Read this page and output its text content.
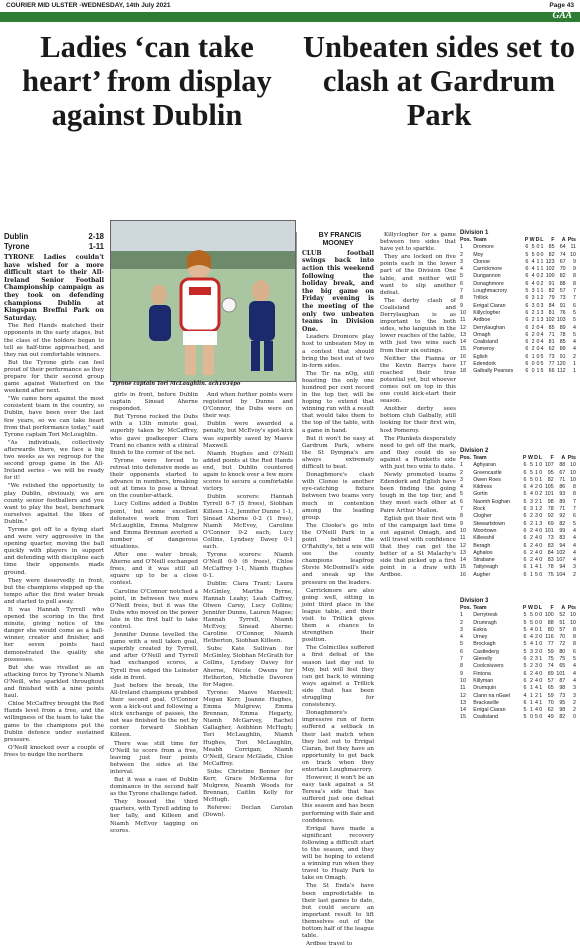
COURIER MID ULSTER -WEDNESDAY, 14th July 2021	Page 43
GAA
Ladies ‘can take heart’ from display against Dublin
Unbeaten sides set to clash at Gardrum Park
Dublin	2-18
Tyrone	1-11

TYRONE Ladies couldn't have wished for a more difficult start to their All-Ireland Senior Football Championship campaign as they took on defending champions Dublin at Kingspan Breffni Park on Saturday.

The Red Hands matched their opponents in the early stages, but the class of the holders began to tell as half-time approached, and they ran out comfortable winners.

But the Tyrone girls can feel proud of their performance as they prepare for their second group game against Waterford on the weekend after next.

"We came here against the most consistent team in the country, so Dublin, have been over the last few years, so we can take heart from that performance today," said Tyrone captain Tori McLoughlin.

"As individuals, collectively afterwards there, we face a big two weeks as we regroup for the second group game in the All-Ireland series - we will be ready for it!

"We relished the opportunity to play Dublin, obviously, we are county senior footballers and you want to play the best, benchmark ourselves against the likes of Dublin."

Tyrone got off to a flying start and were very aggressive in the opening quarter, moving the ball quickly with players in support and defending with discipline each time their opponents made ground.

They were deservedly in front, but the champions stepped up the tempo after the first water break and started to pull away.

It was Hannah Tyrrell who opened the scoring in the first minute, giving notice of the danger she would come as a ball-winner, creator and finisher, and her seven points haul demonstrated the quality she possesses.

But she was rivalled as an attacking force by Tyrone's Niamh O'Neill, who sparkled throughout and finished with a nine points haul.

Chloe McCaffrey brought the Red Hands level from a free, and the willingness of the team to take the game to the champions put the Dublin defence under sustained pressure.

O'Neill knocked over a couple of frees to nudge the northern

Tyrone captain Tori McLaughlin. ach1034po

girls in front, before Dublin captain Sinead Aherne responded.

But Tyrone rocked the Dubs with a 13th minute goal, superbly taken by McCaffrey, who gave goalkeeper Ciara Trant no chance with a clinical finish to the corner of the net.

Tyrone were forced to retreat into defensive mode as their opponents started to advance in numbers, breaking out at times to pose a threat on the counter-attack.

Lucy Collins added a Dublin point, but some excellent defensive work from Tori McLaughlin, Emma Mulgrew and Emma Brennan averted a number of dangerous situations.

After one water break, Aherne and O'Neill exchanged frees, and it was still all square up to be a close contest.

Caroline O'Connor notched a point, in between two more O'Neill frees, but it was the Dubs who moved on the power late in the first half to take control.

Jennifer Dunne levelled the game with a well taken goal, superbly created by Tyrrell, and after O'Neill and Tyrrell had exchanged scores, a Tyrell free edged the Leinster side in front.

Just before the break, the All-Ireland champions grabbed their second goal. O'Connor won a kick-out and following a slick exchange of passes, the net was finished to the net by corner forward Siobhan Killeen.

There was still time for O'Neill to score from a free, leaving just four points between the sides at the interval.

But it was a case of Dublin dominance in the second half as the Tyrone challenge faded.

They bossed the third quarters, with Tyrell adding to her tally, and Killeen and Niamh McEvoy tagging on scores.

And when further points were registered by Dunne and O'Connor, the Dubs were on their way.

Dublin were awarded a penalty, but McEvoy's spot-kick was superbly saved by Maeve Maxwell.

Niamh Hughes and O'Neill added points at the Red Hands end, but Dublin countered again to knock over a few more scores to secure a comfortable victory.

Dublin scorers: Hannah Tyrrell 0-7 (5 frees), Siobhan Killeen 1-2, Jennifer Dunne 1-1, Sinead Aherne 0-2 (1 free), Niamh McEvoy, Caroline O'Connor 0-2 each, Lucy Collins, Lyndsey Davey 0-1 each.

Tyrone scorers: Niamh O'Neill 0-9 (6 frees), Chloe McCaffrey 1-1, Niamh Hughes 0-1.

Dublin: Ciara Trant; Laura McGinley, Martha Byrne, Hannah Leahy; Leah Caffrey, Olwen Carey, Lucy Collins; Jennifer Dunne, Lauren Magee; Hannah Tyrrell, Niamh McEvoy, Sinead Aherne; Caroline O'Connor, Niamh Hetherton, Siobhan Killeen.

Subs: Kate Sullivan for McGinley, Siobhan McGrath for Collins, Lyndsey Davey for Aherne, Nicole Owens for Hetherton, Michelle Davoren for Magee.

Tyrone: Maeve Maxwell; Megan Kerr, Joanne Hughes, Emma Mulgrew; Emma Brennan, Emma Hegarty, Niamh McGarvey, Rachel Gallagher, Aoibhinn McHugh; Tori McLaughlin, Niamh Hughes, Tori McLaughlin, Meabh Corrigan; Niamh O'Neill, Grace McGlade, Chloe McCaffrey.

Subs: Christine Bonner for Kerr, Grace McKenna for Mulgrew, Neamh Woods for Brennan, Caitlin Kelly for McHugh.

Referee: Declan Carolan (Down).

BY FRANCIS MOONEY

CLUB football swings back into action this weekend following the holiday break, and the big game on Friday evening is the meeting of the only two unbeaten teams in Division One.

Leaders Dromore play host to unbeaten Moy in a contest that should bring the best out of two in-form sides.

The Tir na nOg, still boasting the only one hundred per cent record in the top tier, will be hoping to extend that winning run with a result that would take them to the top of the table, with a game in hand.

But it won't be easy at Gardrum Park, where the St Dympna's are always extremely difficult to beat.

Donaghmore's clash with Clonoe is another eye-catching fixture between two teams very much in contention among the leading group.

The Clooke's go into the O'Neill Park in a point behind the O'Rahilly's, bit a win will see the county champions leapfrog Stevie McDonnell's side and sneak up the pressure on the leaders.

Carrickmore are also going well, sitting in joint third place in the league table, and their visit to Trillick gives them a chance to strengthen their position.

The Colmcilles suffered a first defeat of the season last day out to Moy, but will feel they can get back to winning ways against a Trillick side that has been struggling for consistency.

Donaghmore's impressive run of form suffered a setback in their last match when they lost out to Errigal Ciaran, but they have an opportunity to get back on track when they entertain Loughmacrory.

However, it won't be an easy task against a St Teresa's side that has suffered just one defeat this season and has been performing with flair and confidence.

Errigal have made a significant recovery following a difficult start to the season, and they will be hoping to extend a winning run when they travel to Healy Park to take on Omagh.

The St Enda's have been unpredictable in their last games to date, but could secure an important result to lift themselves out of the bottom half of the league table.

Ardboe travel to

Killyclogher for a game between two sides that have yet to sparkle.

They are locked on five points each in the lower part of the Division One table, and neither will want to slip another defeat.

The derby clash of Coalisland and Derrylaughan is as important to the both sides, who languish in the lower reaches of the table, with just two wins each from their six outings.

Neither the Fianna or the Kevin Barrys have reached their true potential yet, but whoever comes out on top in this one could kick-start their season.

Another derby sees bottom club Galbally, still looking for their first win, host Pomeroy.

The Plunkets desperately need to get off the mark, and they could do so against a Plunketts side with just two wins to date.

Newly promoted teams Edendork and Eglish have been finding the going tough in the top tier, and they meet each other at Paire Arthur Mallon.

Eglish got their first win of the campaign last time out against Omagh, and will travel with confidence that they can get the better of a St Malachy's side that picked up a first point in a draw with Ardboe.

Division 1
Pos.	Team	P	W	D	L	F	A	Pts
1	Dromore	6	5	0	1	85	64	11
2	Moy	5	5	0	0	82	74	10
3	Clonoe	6	4	1	1	123	67	9
4	Carrickmore	6	4	1	1	102	70	9
5	Dungannon	6	4	0	2	100	82	8
6	Donaghmore	6	4	0	2	91	88	8
7	Loughmacrory	5	3	1	1	82	57	7
8	Trillick	6	3	1	2	79	73	7
9	Errigal Ciaran	6	3	0	3	84	91	6
10	Killyclogher	6	2	1	3	81	76	5
11	Ardboe	6	2	1	3	102	103	5
12	Derrylaughan	6	2	0	4	85	89	4
13	Omagh	6	2	0	4	71	78	5
14	Coalisland	6	2	0	4	81	85	4
15	Pomeroy	6	2	0	4	62	89	4
16	Eglish	6	1	0	5	73	91	2
17	Edendork	6	0	0	5	77	120	1
18	Galbally Pearses	6	0	1	5	66	112	1
Division 2
Pos.	Team	P	W	D	L	F	A	Pts
1	Aghyaran	6	5	1	0	107	88	10
2	Greencastle	6	5	1	0	95	67	10
3	Owen Roes	6	5	0	1	82	71	10
4	Kildress	6	4	2	0	105	86	8
5	Gortin	6	4	0	2	101	93	8
6	Naomh Eoghan	6	3	2	1	98	89	7
7	Rock	6	3	1	2	78	71	7
8	Clogher	6	2	3	0	92	92	6
9	Stewartstown	6	2	1	3	69	82	5
10	Moortown	6	2	4	0	101	99	4
11	Killeeshil	6	2	4	0	73	83	4
12	Beragh	6	2	4	0	83	94	4
13	Aghaloo	6	2	4	0	84	102	4
14	Strabane	6	2	4	0	83	107	4
15	Tattyreagh	6	1	4	1	78	94	3
16	Augher	6	1	5	0	75	104	2
Division 3
Pos.	Team	P	W	D	L	F	A	Pts
1	Derrytresk	5	5	0	0	100	52	10
2	Drumragh	5	5	0	0	88	51	10
3	Eskra	5	4	0	1	80	57	8
4	Urney	6	4	2	0	116	70	8
5	Brockagh	5	4	1	0	77	72	8
6	Castlederg	5	3	2	0	59	80	6
7	Glenelly	6	2	3	1	75	75	5
8	Coolcsiuvers	5	2	3	0	74	65	4
9	Fintona	6	2	4	0	89	101	4
10	Killyman	6	2	4	0	57	87	4
11	Drumquin	6	1	4	1	65	98	3
12	Clann na nGael	4	1	2	1	59	73	3
13	Brackaville	6	1	4	1	70	95	2
14	Errigal Ciaran	5	1	4	0	62	98	2
15	Coalisland	5	0	5	0	49	82	0
